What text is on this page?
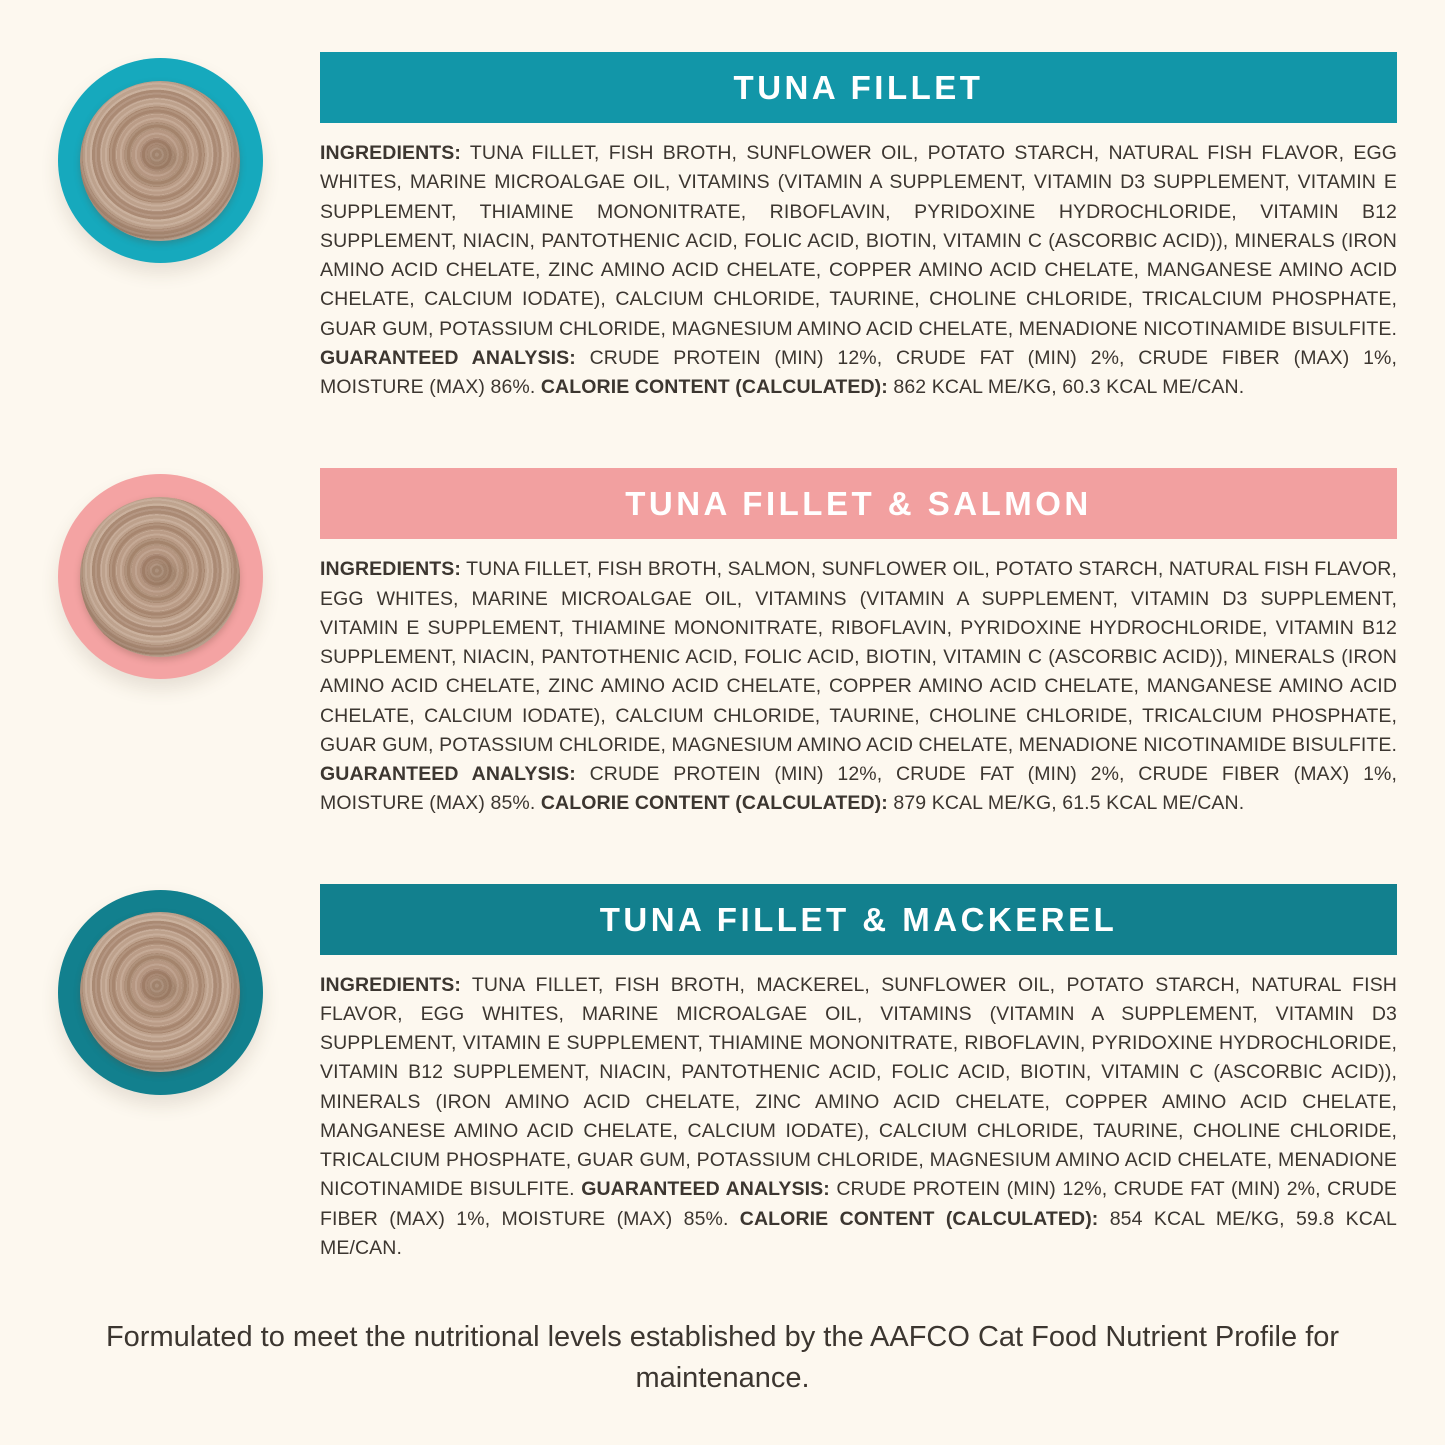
TUNA FILLET
INGREDIENTS: TUNA FILLET, FISH BROTH, SUNFLOWER OIL, POTATO STARCH, NATURAL FISH FLAVOR, EGG WHITES, MARINE MICROALGAE OIL, VITAMINS (VITAMIN A SUPPLEMENT, VITAMIN D3 SUPPLEMENT, VITAMIN E SUPPLEMENT, THIAMINE MONONITRATE, RIBOFLAVIN, PYRIDOXINE HYDROCHLORIDE, VITAMIN B12 SUPPLEMENT, NIACIN, PANTOTHENIC ACID, FOLIC ACID, BIOTIN, VITAMIN C (ASCORBIC ACID)), MINERALS (IRON AMINO ACID CHELATE, ZINC AMINO ACID CHELATE, COPPER AMINO ACID CHELATE, MANGANESE AMINO ACID CHELATE, CALCIUM IODATE), CALCIUM CHLORIDE, TAURINE, CHOLINE CHLORIDE, TRICALCIUM PHOSPHATE, GUAR GUM, POTASSIUM CHLORIDE, MAGNESIUM AMINO ACID CHELATE, MENADIONE NICOTINAMIDE BISULFITE. GUARANTEED ANALYSIS: CRUDE PROTEIN (MIN) 12%, CRUDE FAT (MIN) 2%, CRUDE FIBER (MAX) 1%, MOISTURE (MAX) 86%. CALORIE CONTENT (CALCULATED): 862 KCAL ME/KG, 60.3 KCAL ME/CAN.
TUNA FILLET & SALMON
INGREDIENTS: TUNA FILLET, FISH BROTH, SALMON, SUNFLOWER OIL, POTATO STARCH, NATURAL FISH FLAVOR, EGG WHITES, MARINE MICROALGAE OIL, VITAMINS (VITAMIN A SUPPLEMENT, VITAMIN D3 SUPPLEMENT, VITAMIN E SUPPLEMENT, THIAMINE MONONITRATE, RIBOFLAVIN, PYRIDOXINE HYDROCHLORIDE, VITAMIN B12 SUPPLEMENT, NIACIN, PANTOTHENIC ACID, FOLIC ACID, BIOTIN, VITAMIN C (ASCORBIC ACID)), MINERALS (IRON AMINO ACID CHELATE, ZINC AMINO ACID CHELATE, COPPER AMINO ACID CHELATE, MANGANESE AMINO ACID CHELATE, CALCIUM IODATE), CALCIUM CHLORIDE, TAURINE, CHOLINE CHLORIDE, TRICALCIUM PHOSPHATE, GUAR GUM, POTASSIUM CHLORIDE, MAGNESIUM AMINO ACID CHELATE, MENADIONE NICOTINAMIDE BISULFITE. GUARANTEED ANALYSIS: CRUDE PROTEIN (MIN) 12%, CRUDE FAT (MIN) 2%, CRUDE FIBER (MAX) 1%, MOISTURE (MAX) 85%. CALORIE CONTENT (CALCULATED): 879 KCAL ME/KG, 61.5 KCAL ME/CAN.
TUNA FILLET & MACKEREL
INGREDIENTS: TUNA FILLET, FISH BROTH, MACKEREL, SUNFLOWER OIL, POTATO STARCH, NATURAL FISH FLAVOR, EGG WHITES, MARINE MICROALGAE OIL, VITAMINS (VITAMIN A SUPPLEMENT, VITAMIN D3 SUPPLEMENT, VITAMIN E SUPPLEMENT, THIAMINE MONONITRATE, RIBOFLAVIN, PYRIDOXINE HYDROCHLORIDE, VITAMIN B12 SUPPLEMENT, NIACIN, PANTOTHENIC ACID, FOLIC ACID, BIOTIN, VITAMIN C (ASCORBIC ACID)), MINERALS (IRON AMINO ACID CHELATE, ZINC AMINO ACID CHELATE, COPPER AMINO ACID CHELATE, MANGANESE AMINO ACID CHELATE, CALCIUM IODATE), CALCIUM CHLORIDE, TAURINE, CHOLINE CHLORIDE, TRICALCIUM PHOSPHATE, GUAR GUM, POTASSIUM CHLORIDE, MAGNESIUM AMINO ACID CHELATE, MENADIONE NICOTINAMIDE BISULFITE. GUARANTEED ANALYSIS: CRUDE PROTEIN (MIN) 12%, CRUDE FAT (MIN) 2%, CRUDE FIBER (MAX) 1%, MOISTURE (MAX) 85%. CALORIE CONTENT (CALCULATED): 854 KCAL ME/KG, 59.8 KCAL ME/CAN.
Formulated to meet the nutritional levels established by the AAFCO Cat Food Nutrient Profile for maintenance.
